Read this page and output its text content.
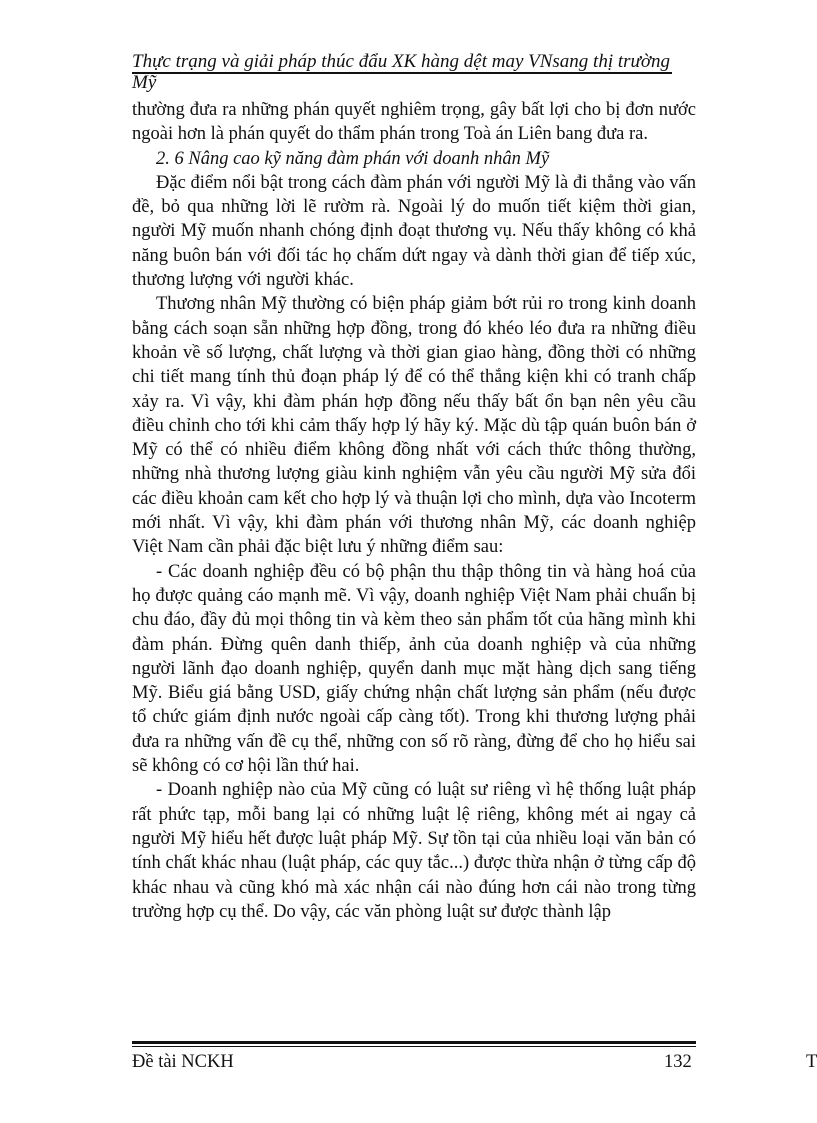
Thực trạng và giải pháp thúc đẩu XK hàng dệt may VNsang thị trường
Mỹ

thường đưa ra những phán quyết nghiêm trọng, gây bất lợi cho bị đơn nước ngoài hơn là phán quyết do thẩm phán trong Toà án Liên bang đưa ra.

2. 6 Nâng cao kỹ năng đàm phán với doanh nhân Mỹ

Đặc điểm nổi bật trong cách đàm phán với người Mỹ là đi thẳng vào vấn đề, bỏ qua những lời lẽ rườm rà. Ngoài lý do muốn tiết kiệm thời gian, người Mỹ muốn nhanh chóng định đoạt thương vụ. Nếu thấy không có khả năng buôn bán với đối tác họ chấm dứt ngay và dành thời gian để tiếp xúc, thương lượng với người khác.

Thương nhân Mỹ thường có biện pháp giảm bớt rủi ro trong kinh doanh bằng cách soạn sẵn những hợp đồng, trong đó khéo léo đưa ra những điều khoản về số lượng, chất lượng và thời gian giao hàng, đồng thời có những chi tiết mang tính thủ đoạn pháp lý để có thể thắng kiện khi có tranh chấp xảy ra. Vì vậy, khi đàm phán hợp đồng nếu thấy bất ổn bạn nên yêu cầu điều chỉnh cho tới khi cảm thấy hợp lý hãy ký. Mặc dù tập quán buôn bán ở Mỹ có thể có nhiều điểm không đồng nhất với cách thức thông thường, những nhà thương lượng giàu kinh nghiệm vẫn yêu cầu người Mỹ sửa đổi các điều khoản cam kết cho hợp lý và thuận lợi cho mình, dựa vào Incoterm mới nhất. Vì vậy, khi đàm phán với thương nhân Mỹ, các doanh nghiệp Việt Nam cần phải đặc biệt lưu ý những điểm sau:

- Các doanh nghiệp đều có bộ phận thu thập thông tin và hàng hoá của họ được quảng cáo mạnh mẽ. Vì vậy, doanh nghiệp Việt Nam phải chuẩn bị chu đáo, đầy đủ mọi thông tin và kèm theo sản phẩm tốt của hãng mình khi đàm phán. Đừng quên danh thiếp, ảnh của doanh nghiệp và của những người lãnh đạo doanh nghiệp, quyển danh mục mặt hàng dịch sang tiếng Mỹ. Biểu giá bằng USD, giấy chứng nhận chất lượng sản phẩm (nếu được tổ chức giám định nước ngoài cấp càng tốt). Trong khi thương lượng phải đưa ra những vấn đề cụ thể, những con số rõ ràng, đừng để cho họ hiểu sai sẽ không có cơ hội lần thứ hai.

- Doanh nghiệp nào của Mỹ cũng có luật sư riêng vì hệ thống luật pháp rất phức tạp, mỗi bang lại có những luật lệ riêng, không mét ai ngay cả người Mỹ hiểu hết được luật pháp Mỹ. Sự tồn tại của nhiều loại văn bản có tính chất khác nhau (luật pháp, các quy tắc...) được thừa nhận ở từng cấp độ khác nhau và cũng khó mà xác nhận cái nào đúng hơn cái nào trong từng trường hợp cụ thể. Do vậy, các văn phòng luật sư được thành lập

Đề tài NCKH	132	T
